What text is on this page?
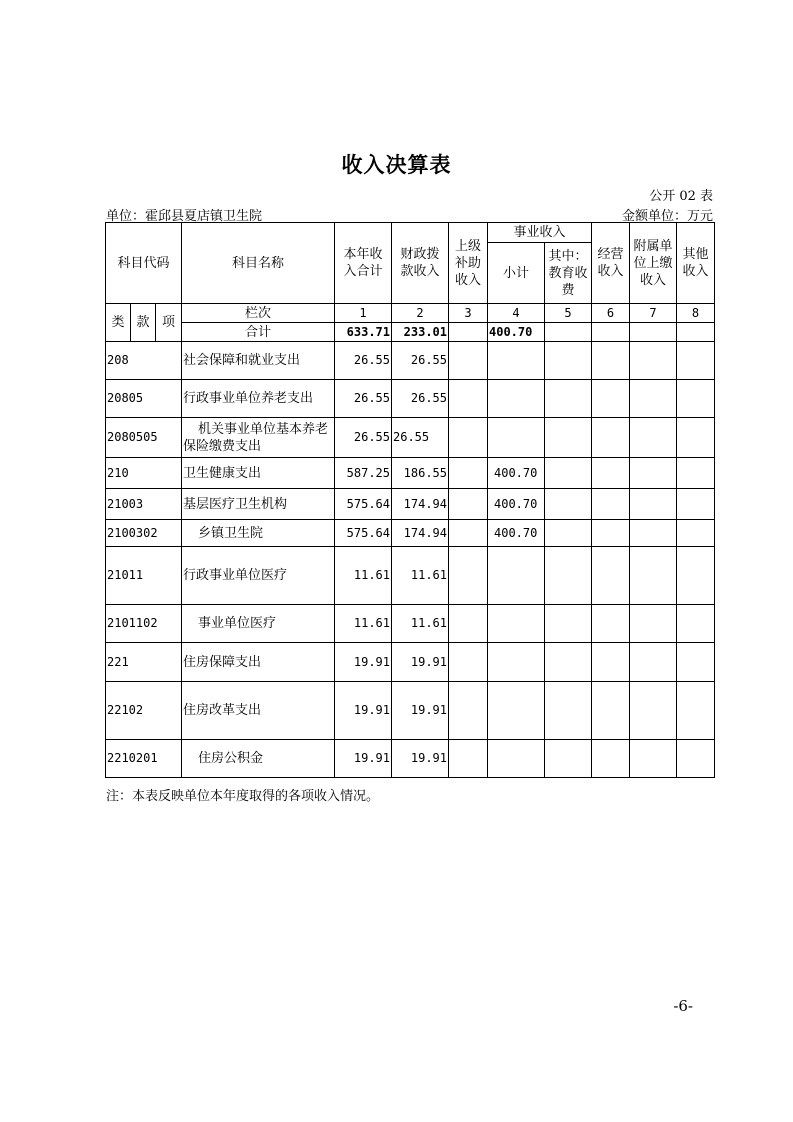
收入决算表
公开 02 表
单位：霍邱县夏店镇卫生院	金额单位：万元
科目代码			科目名称	本年收入合计	财政拨款收入	上级补助收入	事业收入		经营收入	附属单位上缴收入	其他收入
							小计	其中：教育收费			
类	款	项	栏次	1	2	3	4	5	6	7	8
			合计	633.71	233.01		400.70				
208			社会保障和就业支出	26.55	26.55						
20805			行政事业单位养老支出	26.55	26.55						
2080505			机关事业单位基本养老保险缴费支出	26.55	26.55						
210			卫生健康支出	587.25	186.55		400.70				
21003			基层医疗卫生机构	575.64	174.94		400.70				
2100302			乡镇卫生院	575.64	174.94		400.70				
21011			行政事业单位医疗	11.61	11.61						
2101102			事业单位医疗	11.61	11.61						
221			住房保障支出	19.91	19.91						
22102			住房改革支出	19.91	19.91						
2210201			住房公积金	19.91	19.91						
注：本表反映单位本年度取得的各项收入情况。
-6-
